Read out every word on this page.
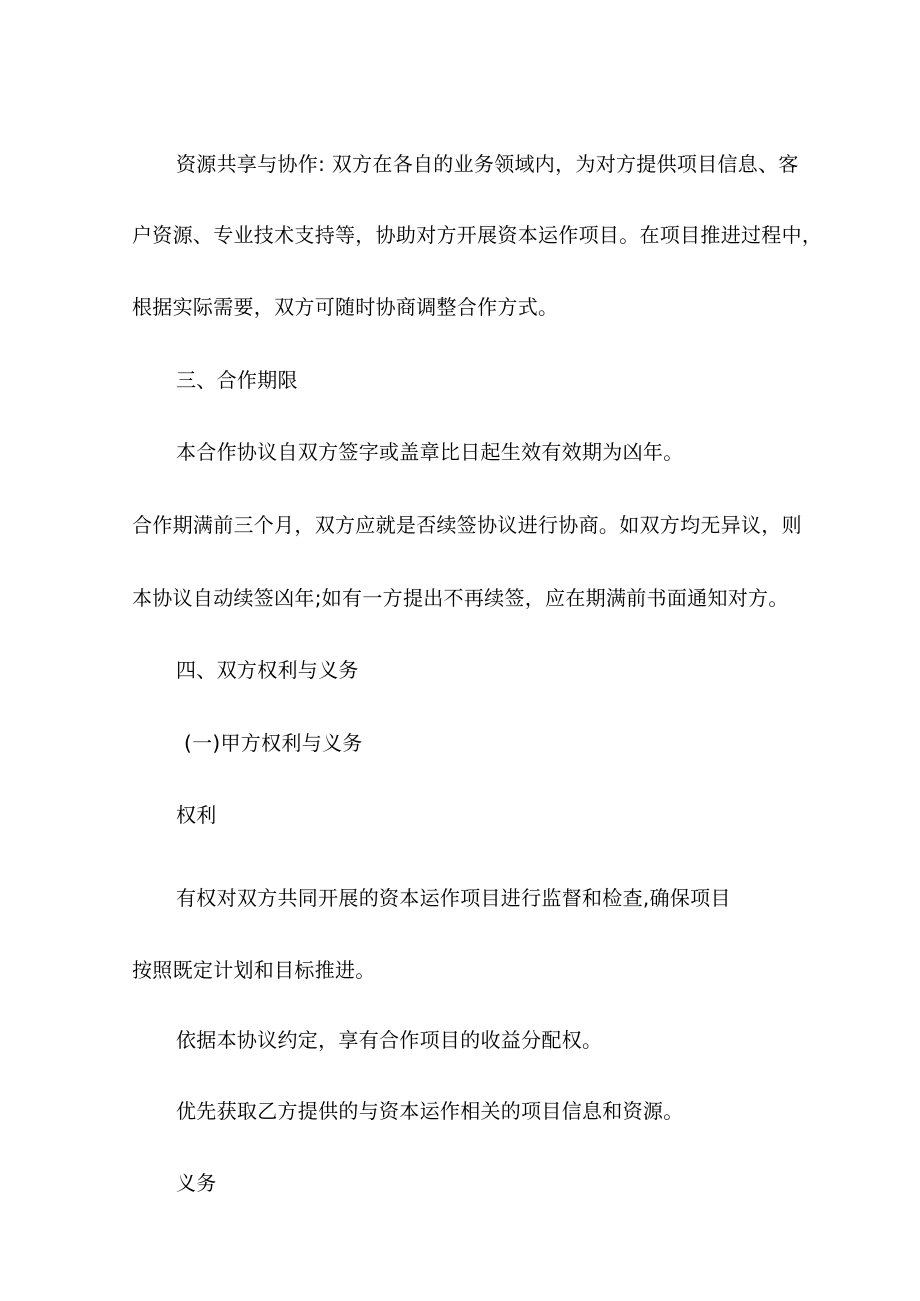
资源共享与协作: 双方在各自的业务领域内，为对方提供项目信息、客
户资源、专业技术支持等，协助对方开展资本运作项目。在项目推进过程中，
根据实际需要，双方可随时协商调整合作方式。
三、合作期限
本合作协议自双方签字或盖章比日起生效有效期为凶年。
合作期满前三个月，双方应就是否续签协议进行协商。如双方均无异议，则
本协议自动续签凶年;如有一方提出不再续签，应在期满前书面通知对方。
四、双方权利与义务
(一)甲方权利与义务
权利
有权对双方共同开展的资本运作项目进行监督和检查,确保项目
按照既定计划和目标推进。
依据本协议约定，享有合作项目的收益分配权。
优先获取乙方提供的与资本运作相关的项目信息和资源。
义务
